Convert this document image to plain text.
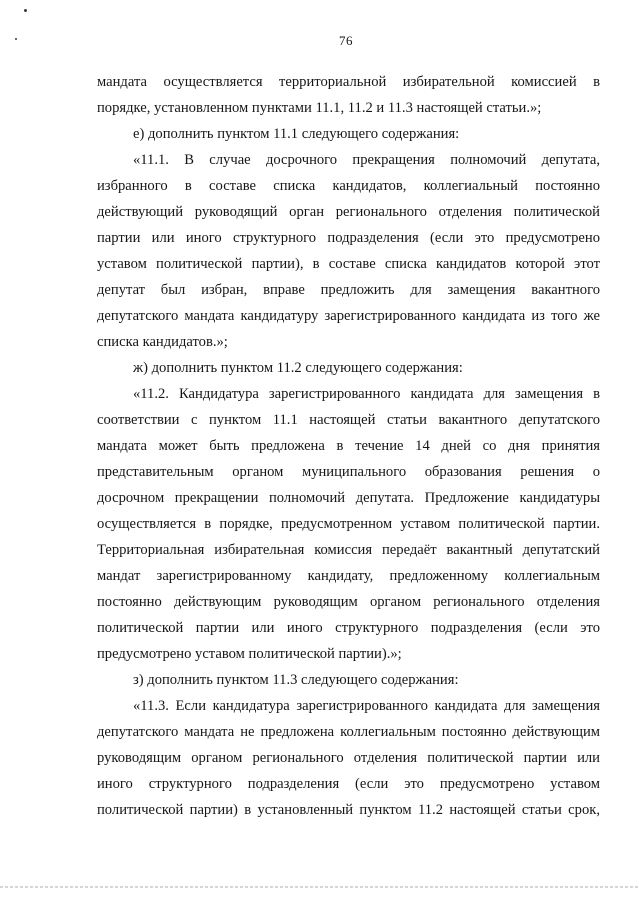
76
мандата осуществляется территориальной избирательной комиссией в
порядке, установленном пунктами 11.1, 11.2 и 11.3 настоящей статьи.»;
е) дополнить пунктом 11.1 следующего содержания:
«11.1. В случае досрочного прекращения полномочий депутата,
избранного в составе списка кандидатов, коллегиальный постоянно
действующий руководящий орган регионального отделения политической
партии или иного структурного подразделения (если это предусмотрено
уставом политической партии), в составе списка кандидатов которой этот
депутат был избран, вправе предложить для замещения вакантного
депутатского мандата кандидатуру зарегистрированного кандидата из того же
списка кандидатов.»;
ж) дополнить пунктом 11.2 следующего содержания:
«11.2. Кандидатура зарегистрированного кандидата для замещения в
соответствии с пунктом 11.1 настоящей статьи вакантного депутатского
мандата может быть предложена в течение 14 дней со дня принятия
представительным органом муниципального образования решения о
досрочном прекращении полномочий депутата. Предложение кандидатуры
осуществляется в порядке, предусмотренном уставом политической партии.
Территориальная избирательная комиссия передаёт вакантный депутатский
мандат зарегистрированному кандидату, предложенному коллегиальным
постоянно действующим руководящим органом регионального отделения
политической партии или иного структурного подразделения (если это
предусмотрено уставом политической партии).»;
з) дополнить пунктом 11.3 следующего содержания:
«11.3. Если кандидатура зарегистрированного кандидата для замещения
депутатского мандата не предложена коллегиальным постоянно действующим
руководящим органом регионального отделения политической партии или
иного структурного подразделения (если это предусмотрено уставом
политической партии) в установленный пунктом 11.2 настоящей статьи срок,
